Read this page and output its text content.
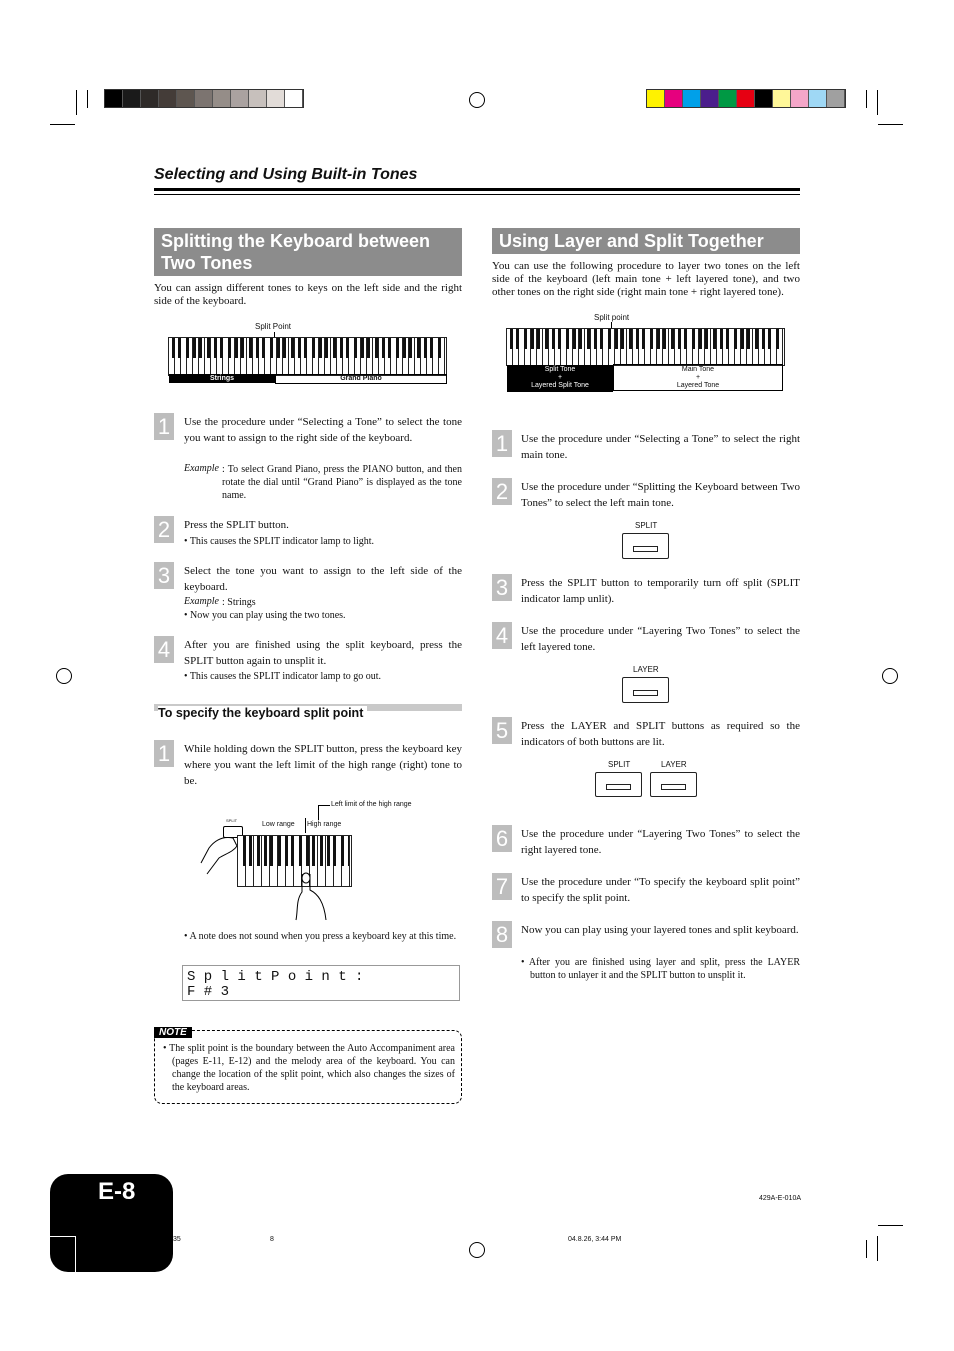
Selecting and Using Built-in Tones
Splitting the Keyboard between Two Tones
You can assign different tones to keys on the left side and the right side of the keyboard.
Split Point
Strings	Grand Piano
1	Use the procedure under “Selecting a Tone” to select the tone you want to assign to the right side of the keyboard.
Example : To select Grand Piano, press the PIANO button, and then rotate the dial until “Grand Piano” is displayed as the tone name.
2	Press the SPLIT button.
• This causes the SPLIT indicator lamp to light.
3	Select the tone you want to assign to the left side of the keyboard.
Example : Strings
• Now you can play using the two tones.
4	After you are finished using the split keyboard, press the SPLIT button again to unsplit it.
• This causes the SPLIT indicator lamp to go out.
To specify the keyboard split point
1	While holding down the SPLIT button, press the keyboard key where you want the left limit of the high range (right) tone to be.
Left limit of the high range
Low range High range
SPLIT
• A note does not sound when you press a keyboard key at this time.
S p l i t P o i n t :
F # 3
NOTE
• The split point is the boundary between the Auto Accompaniment area (pages E-11, E-12) and the melody area of the keyboard. You can change the location of the split point, which also changes the sizes of the keyboard areas.
Using Layer and Split Together
You can use the following procedure to layer two tones on the left side of the keyboard (left main tone + left layered tone), and two other tones on the right side (right main tone + right layered tone).
Split point
Split Tone
+
Layered Split Tone
Main Tone
+
Layered Tone
1	Use the procedure under “Selecting a Tone” to select the right main tone.
2	Use the procedure under “Splitting the Keyboard between Two Tones” to select the left main tone.
SPLIT
3	Press the SPLIT button to temporarily turn off split (SPLIT indicator lamp unlit).
4	Use the procedure under “Layering Two Tones” to select the left layered tone.
LAYER
5	Press the LAYER and SPLIT buttons as required so the indicators of both buttons are lit.
SPLIT	LAYER
6	Use the procedure under “Layering Two Tones” to select the right layered tone.
7	Use the procedure under “To specify the keyboard split point” to specify the split point.
8	Now you can play using your layered tones and split keyboard.
• After you are finished using layer and split, press the LAYER button to unlayer it and the SPLIT button to unsplit it.
E-8	429A-E-010A
35	8	04.8.26, 3:44 PM
